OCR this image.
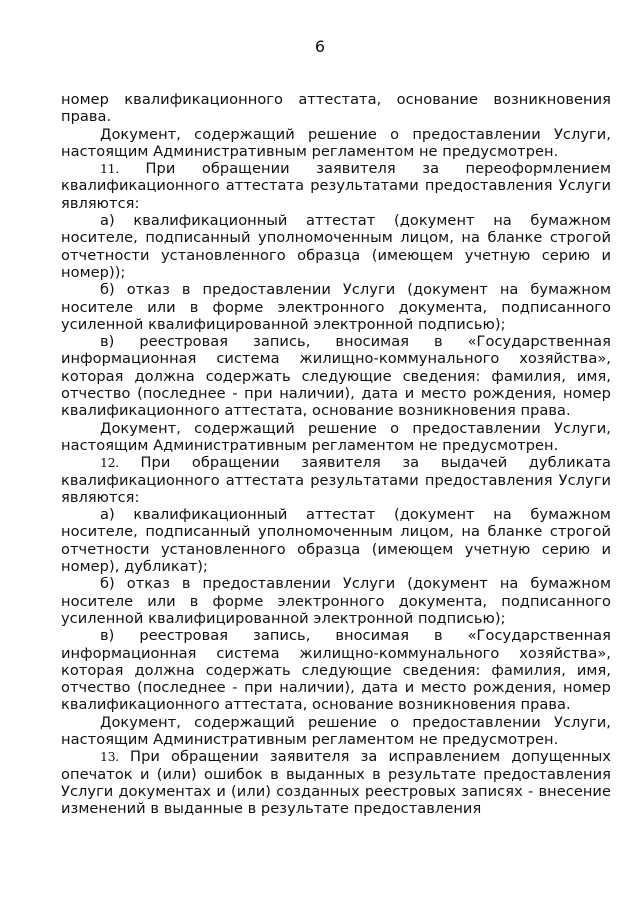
6

номер квалификационного аттестата, основание возникновения права.

Документ, содержащий решение о предоставлении Услуги, настоящим Административным регламентом не предусмотрен.

11. При обращении заявителя за переоформлением квалификационного аттестата результатами предоставления Услуги являются:

а) квалификационный аттестат (документ на бумажном носителе, подписанный уполномоченным лицом, на бланке строгой отчетности установленного образца (имеющем учетную серию и номер));

б) отказ в предоставлении Услуги (документ на бумажном носителе или в форме электронного документа, подписанного усиленной квалифицированной электронной подписью);

в) реестровая запись, вносимая в «Государственная информационная система жилищно-коммунального хозяйства», которая должна содержать следующие сведения: фамилия, имя, отчество (последнее - при наличии), дата и место рождения, номер квалификационного аттестата, основание возникновения права.

Документ, содержащий решение о предоставлении Услуги, настоящим Административным регламентом не предусмотрен.

12. При обращении заявителя за выдачей дубликата квалификационного аттестата результатами предоставления Услуги являются:

а) квалификационный аттестат (документ на бумажном носителе, подписанный уполномоченным лицом, на бланке строгой отчетности установленного образца (имеющем учетную серию и номер), дубликат);

б) отказ в предоставлении Услуги (документ на бумажном носителе или в форме электронного документа, подписанного усиленной квалифицированной электронной подписью);

в) реестровая запись, вносимая в «Государственная информационная система жилищно-коммунального хозяйства», которая должна содержать следующие сведения: фамилия, имя, отчество (последнее - при наличии), дата и место рождения, номер квалификационного аттестата, основание возникновения права.

Документ, содержащий решение о предоставлении Услуги, настоящим Административным регламентом не предусмотрен.

13. При обращении заявителя за исправлением допущенных опечаток и (или) ошибок в выданных в результате предоставления Услуги документах и (или) созданных реестровых записях - внесение изменений в выданные в результате предоставления
